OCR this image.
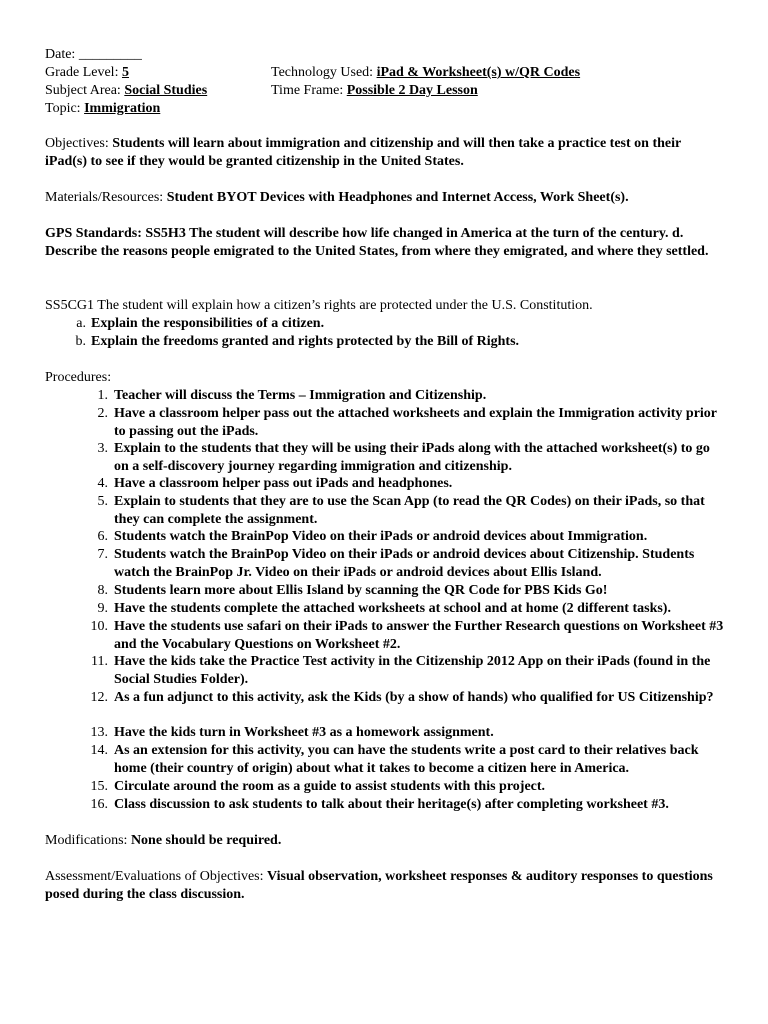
Date: _________
Grade Level: 5
Subject Area: Social Studies
Topic: Immigration
Technology Used: iPad & Worksheet(s) w/QR Codes
Time Frame: Possible 2 Day Lesson
Objectives: Students will learn about immigration and citizenship and will then take a practice test on their iPad(s) to see if they would be granted citizenship in the United States.
Materials/Resources: Student BYOT Devices with Headphones and Internet Access, Work Sheet(s).
GPS Standards: SS5H3 The student will describe how life changed in America at the turn of the century. d. Describe the reasons people emigrated to the United States, from where they emigrated, and where they settled.
SS5CG1 The student will explain how a citizen’s rights are protected under the U.S. Constitution.
a. Explain the responsibilities of a citizen.
b. Explain the freedoms granted and rights protected by the Bill of Rights.
Procedures:
1. Teacher will discuss the Terms – Immigration and Citizenship.
2. Have a classroom helper pass out the attached worksheets and explain the Immigration activity prior to passing out the iPads.
3. Explain to the students that they will be using their iPads along with the attached worksheet(s) to go on a self-discovery journey regarding immigration and citizenship.
4. Have a classroom helper pass out iPads and headphones.
5. Explain to students that they are to use the Scan App (to read the QR Codes) on their iPads, so that they can complete the assignment.
6. Students watch the BrainPop Video on their iPads or android devices about Immigration.
7. Students watch the BrainPop Video on their iPads or android devices about Citizenship. Students watch the BrainPop Jr. Video on their iPads or android devices about Ellis Island.
8. Students learn more about Ellis Island by scanning the QR Code for PBS Kids Go!
9. Have the students complete the attached worksheets at school and at home (2 different tasks).
10. Have the students use safari on their iPads to answer the Further Research questions on Worksheet #3 and the Vocabulary Questions on Worksheet #2.
11. Have the kids take the Practice Test activity in the Citizenship 2012 App on their iPads (found in the Social Studies Folder).
12. As a fun adjunct to this activity, ask the Kids (by a show of hands) who qualified for US Citizenship?
13. Have the kids turn in Worksheet #3 as a homework assignment.
14. As an extension for this activity, you can have the students write a post card to their relatives back home (their country of origin) about what it takes to become a citizen here in America.
15. Circulate around the room as a guide to assist students with this project.
16. Class discussion to ask students to talk about their heritage(s) after completing worksheet #3.
Modifications: None should be required.
Assessment/Evaluations of Objectives: Visual observation, worksheet responses & auditory responses to questions posed during the class discussion.
